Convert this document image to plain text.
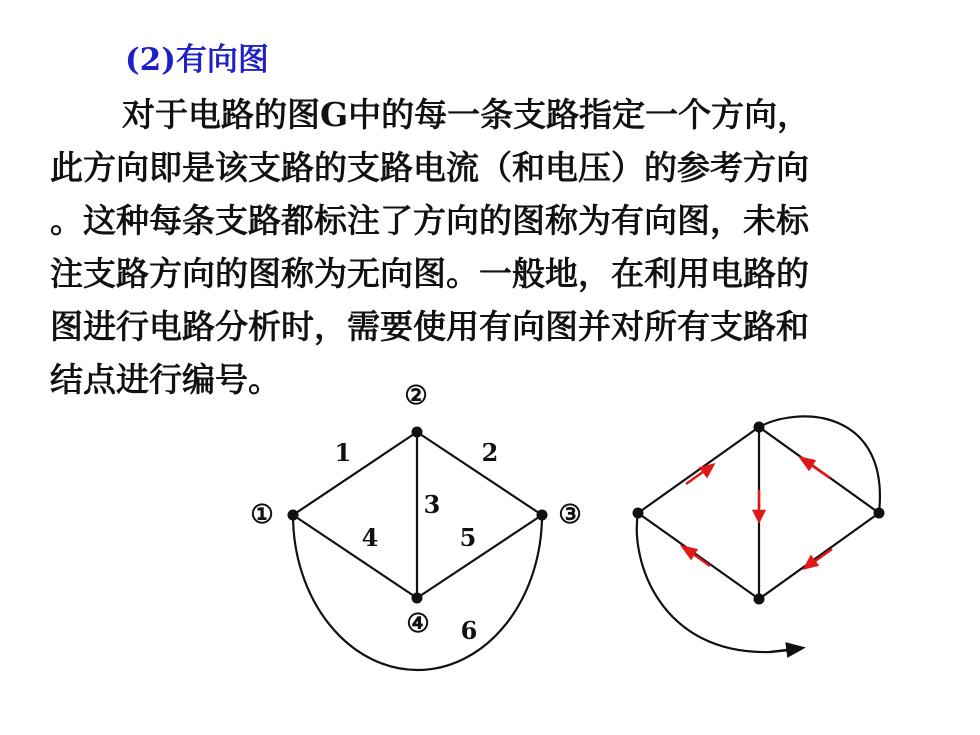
(2)有向图
对于电路的图G中的每一条支路指定一个方向，
此方向即是该支路的支路电流（和电压）的参考方向
。这种每条支路都标注了方向的图称为有向图，未标
注支路方向的图称为无向图。一般地，在利用电路的
图进行电路分析时，需要使用有向图并对所有支路和
结点进行编号。
①
②
③
④
1	2
3
4	5
6
